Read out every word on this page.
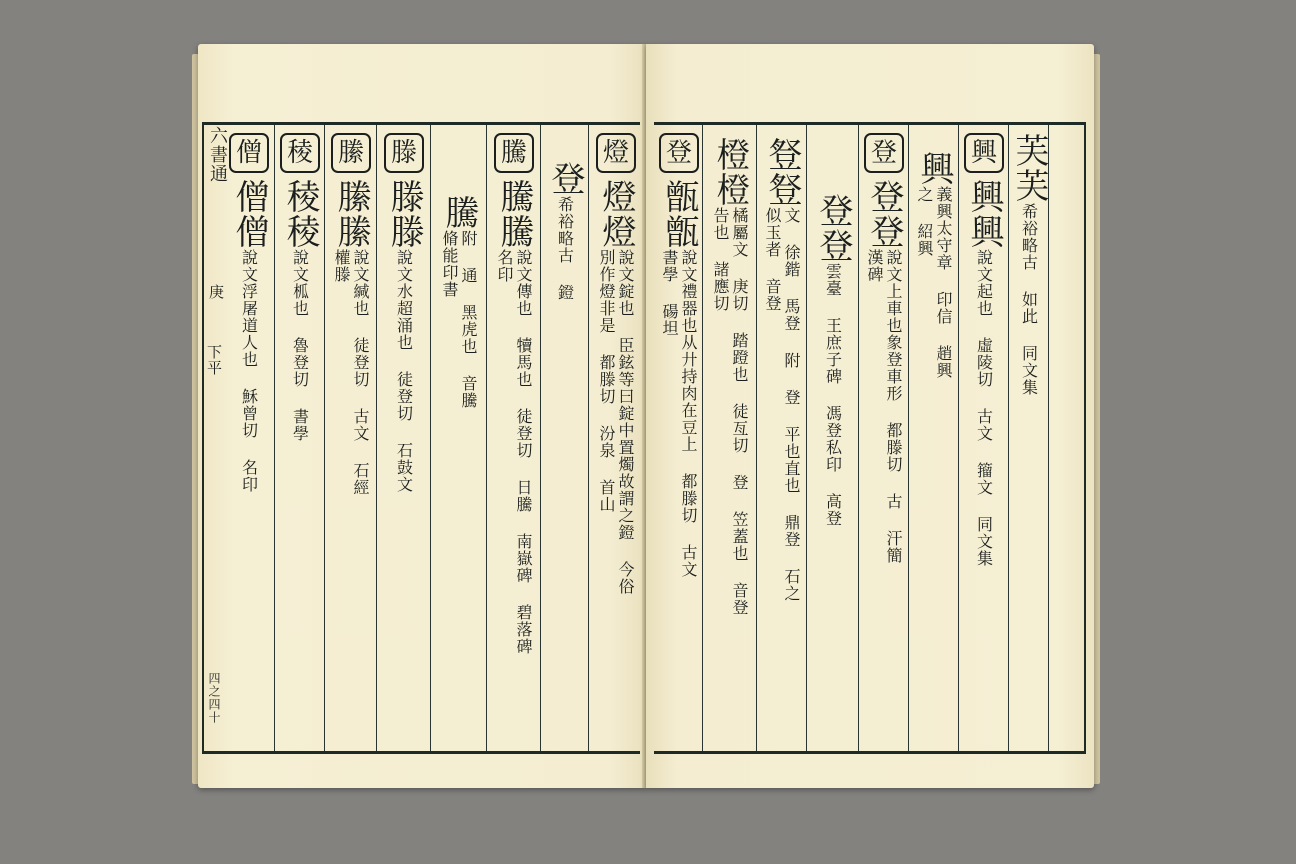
燈
燈燈
說文錠也 臣鉉等曰錠中置燭故謂之鐙 今俗別作燈非是 都滕切 汾泉 首山
登
希裕略古 鐙
騰
騰騰
說文傳也 犢馬也 徒登切 日騰 南嶽碑 碧落碑 名印
騰
附 通 黑虎也 音騰 脩能印書
滕
滕滕
說文水超涌也 徒登切 石鼓文
縢
縢縢
說文緘也 徒登切 古文 石經 權滕
稜
稜稜
說文柧也 魯登切 書學
僧
僧僧
說文浮屠道人也 穌曾切 名印
芙芙
希裕略古 如此 同文集
興
興興
說文起也 虛陵切 古文 籀文 同文集
興
義興太守章 印信 趙興之 紹興
登
登登
說文上車也象登車形 都滕切 古 汗簡 漢碑
登登
雲臺 王庶子碑 馮登私印 高登
豋豋
文 徐鍇 馬登 附 登 平也直也 鼎登 石之似玉者 音登
橙橙
橘屬文 庚切 踏蹬也 徒亙切 登 笠蓋也 音登 告也 諸應切
登
甑甑
說文禮器也从廾持肉在豆上 都滕切 古文 書學 碭坦
六書通
庚
下平
四之四十
